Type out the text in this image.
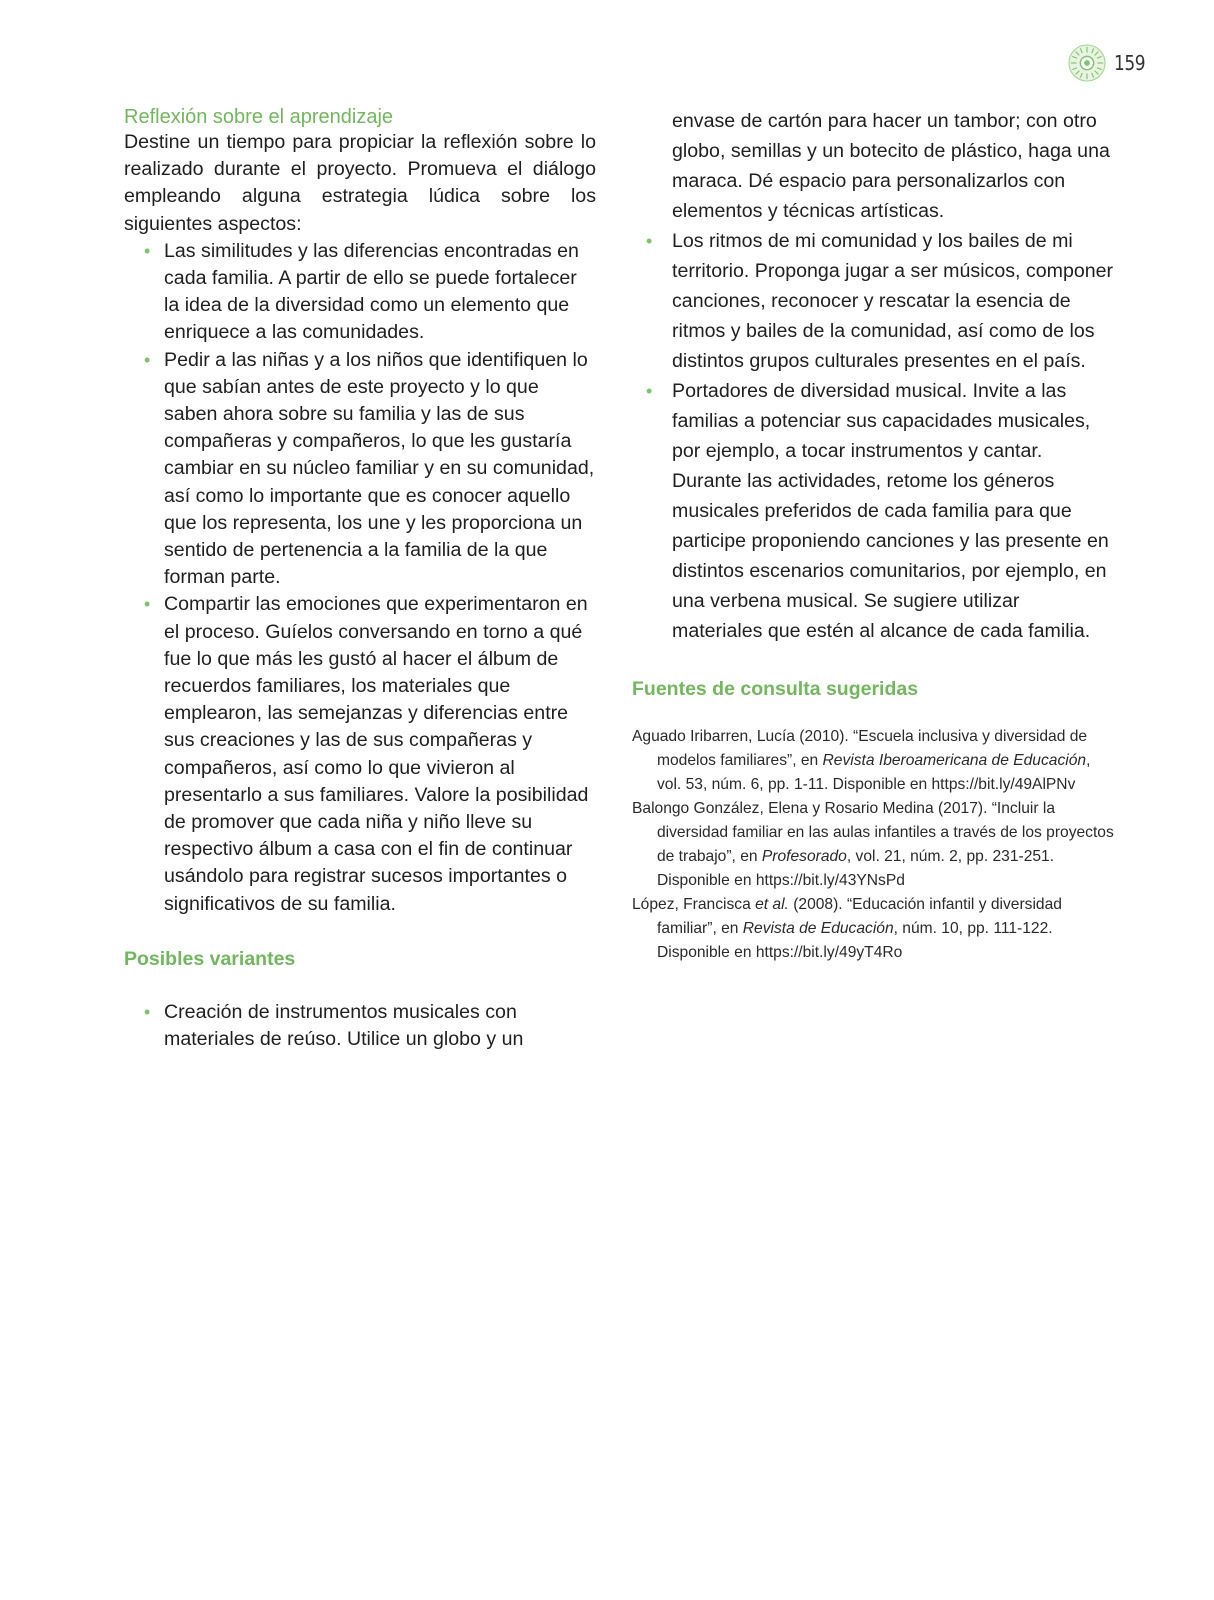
159
Reflexión sobre el aprendizaje

Destine un tiempo para propiciar la reflexión sobre lo realizado durante el proyecto. Promueva el diálogo empleando alguna estrategia lúdica sobre los siguientes aspectos:

• Las similitudes y las diferencias encontradas en cada familia. A partir de ello se puede fortalecer la idea de la diversidad como un elemento que enriquece a las comunidades.
• Pedir a las niñas y a los niños que identifiquen lo que sabían antes de este proyecto y lo que saben ahora sobre su familia y las de sus compañeras y compañeros, lo que les gustaría cambiar en su núcleo familiar y en su comunidad, así como lo importante que es conocer aquello que los representa, los une y les proporciona un sentido de pertenencia a la familia de la que forman parte.
• Compartir las emociones que experimentaron en el proceso. Guíelos conversando en torno a qué fue lo que más les gustó al hacer el álbum de recuerdos familiares, los materiales que emplearon, las semejanzas y diferencias entre sus creaciones y las de sus compañeras y compañeros, así como lo que vivieron al presentarlo a sus familiares. Valore la posibilidad de promover que cada niña y niño lleve su respectivo álbum a casa con el fin de continuar usándolo para registrar sucesos importantes o significativos de su familia.
Posibles variantes
• Creación de instrumentos musicales con materiales de reúso. Utilice un globo y un

envase de cartón para hacer un tambor; con otro globo, semillas y un botecito de plástico, haga una maraca. Dé espacio para personalizarlos con elementos y técnicas artísticas.

• Los ritmos de mi comunidad y los bailes de mi territorio. Proponga jugar a ser músicos, componer canciones, reconocer y rescatar la esencia de ritmos y bailes de la comunidad, así como de los distintos grupos culturales presentes en el país.
• Portadores de diversidad musical. Invite a las familias a potenciar sus capacidades musicales, por ejemplo, a tocar instrumentos y cantar. Durante las actividades, retome los géneros musicales preferidos de cada familia para que participe proponiendo canciones y las presente en distintos escenarios comunitarios, por ejemplo, en una verbena musical. Se sugiere utilizar materiales que estén al alcance de cada familia.
Fuentes de consulta sugeridas

Aguado Iribarren, Lucía (2010). “Escuela inclusiva y diversidad de modelos familiares”, en Revista Iberoamericana de Educación, vol. 53, núm. 6, pp. 1-11. Disponible en https://bit.ly/49AlPNv

Balongo González, Elena y Rosario Medina (2017). “Incluir la diversidad familiar en las aulas infantiles a través de los proyectos de trabajo”, en Profesorado, vol. 21, núm. 2, pp. 231-251. Disponible en https://bit.ly/43YNsPd

López, Francisca et al. (2008). “Educación infantil y diversidad familiar”, en Revista de Educación, núm. 10, pp. 111-122. Disponible en https://bit.ly/49yT4Ro
